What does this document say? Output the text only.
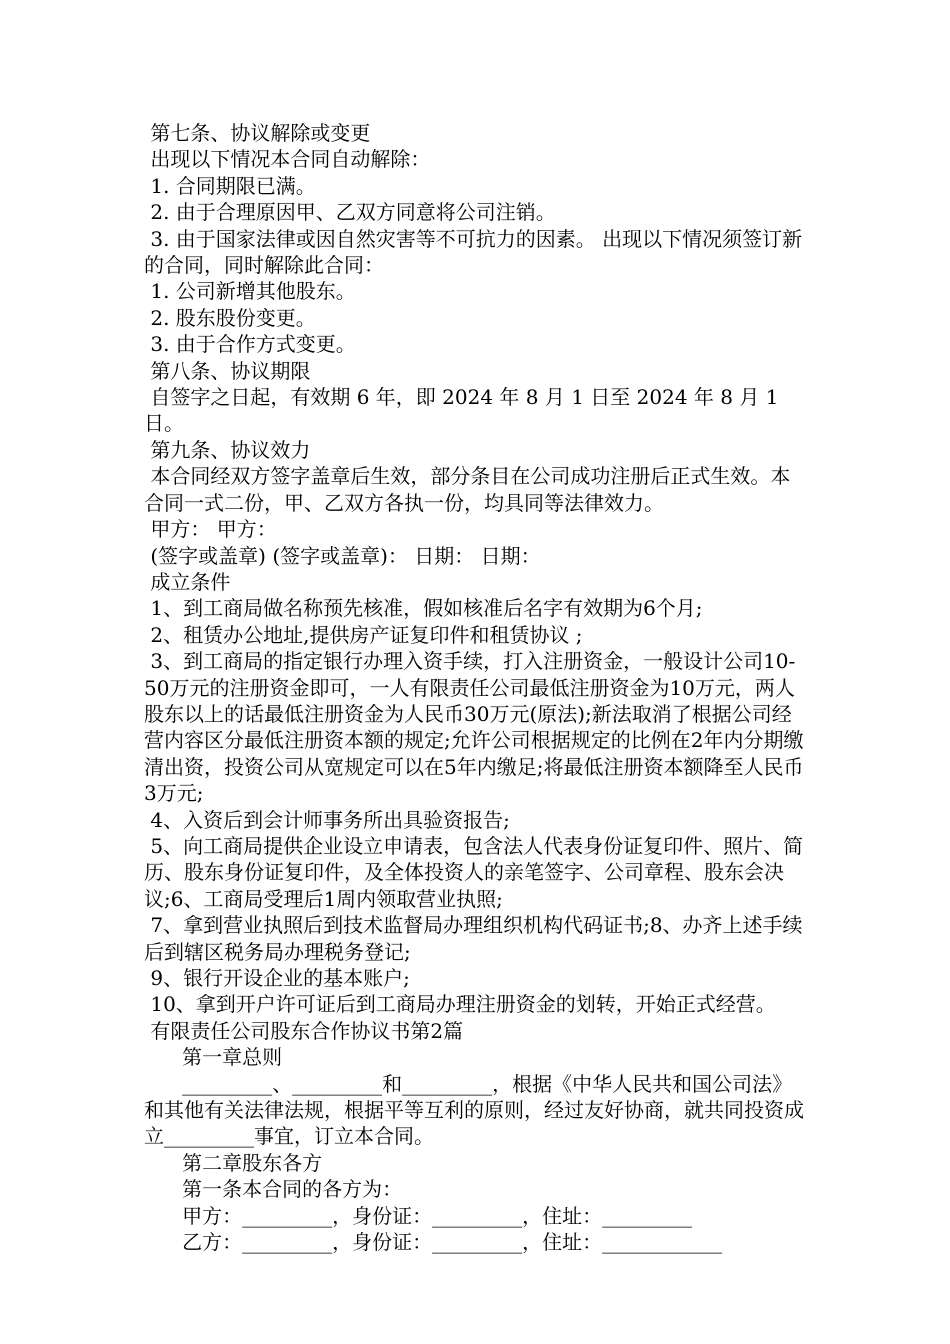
第七条、协议解除或变更
出现以下情况本合同自动解除：
1. 合同期限已满。
2. 由于合理原因甲、乙双方同意将公司注销。
3. 由于国家法律或因自然灾害等不可抗力的因素。 出现以下情况须签订新的合同，同时解除此合同：
1. 公司新增其他股东。
2. 股东股份变更。
3. 由于合作方式变更。
第八条、协议期限
自签字之日起，有效期 6 年，即 2024 年 8 月 1 日至 2024 年 8 月 1 日。
第九条、协议效力
本合同经双方签字盖章后生效，部分条目在公司成功注册后正式生效。本合同一式二份，甲、乙双方各执一份，均具同等法律效力。
甲方： 甲方：
(签字或盖章) (签字或盖章)： 日期： 日期：
成立条件
1、到工商局做名称预先核准，假如核准后名字有效期为6个月;
2、租赁办公地址,提供房产证复印件和租赁协议 ;
3、到工商局的指定银行办理入资手续，打入注册资金，一般设计公司10-50万元的注册资金即可，一人有限责任公司最低注册资金为10万元，两人股东以上的话最低注册资金为人民币30万元(原法);新法取消了根据公司经营内容区分最低注册资本额的规定;允许公司根据规定的比例在2年内分期缴清出资，投资公司从宽规定可以在5年内缴足;将最低注册资本额降至人民币3万元;
4、入资后到会计师事务所出具验资报告;
5、向工商局提供企业设立申请表，包含法人代表身份证复印件、照片、简历、股东身份证复印件，及全体投资人的亲笔签字、公司章程、股东会决议;6、工商局受理后1周内领取营业执照;
7、拿到营业执照后到技术监督局办理组织机构代码证书;8、办齐上述手续后到辖区税务局办理税务登记;
9、银行开设企业的基本账户;
10、拿到开户许可证后到工商局办理注册资金的划转，开始正式经营。
有限责任公司股东合作协议书第2篇
第一章总则
_________、_________和_________，根据《中华人民共和国公司法》和其他有关法律法规，根据平等互利的原则，经过友好协商，就共同投资成立_________事宜，订立本合同。
第二章股东各方
第一条本合同的各方为：
甲方：_________，身份证：_________，住址：_________
乙方：_________，身份证：_________，住址：____________
